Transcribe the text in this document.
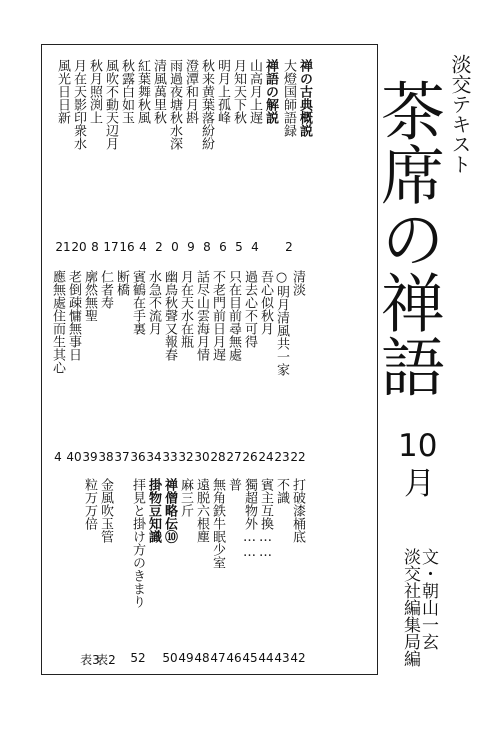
禅の古典概説
大燈国師語録
2
禅語の解説
山高月上遅
4
月知天下秋
5
明月上孤峰
6
秋来黄葉落紛紛
8
澄潭和月斟
9
雨過夜塘秋水深
0
清風萬里秋
2
紅葉舞秋風
4
秋露白如玉
16
風吹不動天辺月
17
秋月照渕上
8
月在天影印衆水
20
風光日日新
21
清淡
22
○明月清風共一家
23
吾心似秋月
24
過去心不可得
26
只在目前尋無處
27
不老門前日月遅
28
話尽山雲海月情
30
月在天水在瓶
32
幽鳥秋聲又報春
33
水急不流月
34
賓鶴在手裏
36
断橋
37
仁者寿
38
廓然無聖
39
老倒疎慵無事日
40
應無處住而生其心
4
打破漆桶底
42
不識
43
賓主互換……
44
獨超物外……
45
普
46
無角鉄牛眠少室
47
遠脱六根塵
48
麻三斤
49
禅僧略伝⑩
50
掛物豆知識
拝見と掛け方のきまり
52
金風吹玉管
表2
粒万万倍
表3
淡交テキスト
茶席の禅語
10
月
文・朝山一玄
淡交社編集局編
